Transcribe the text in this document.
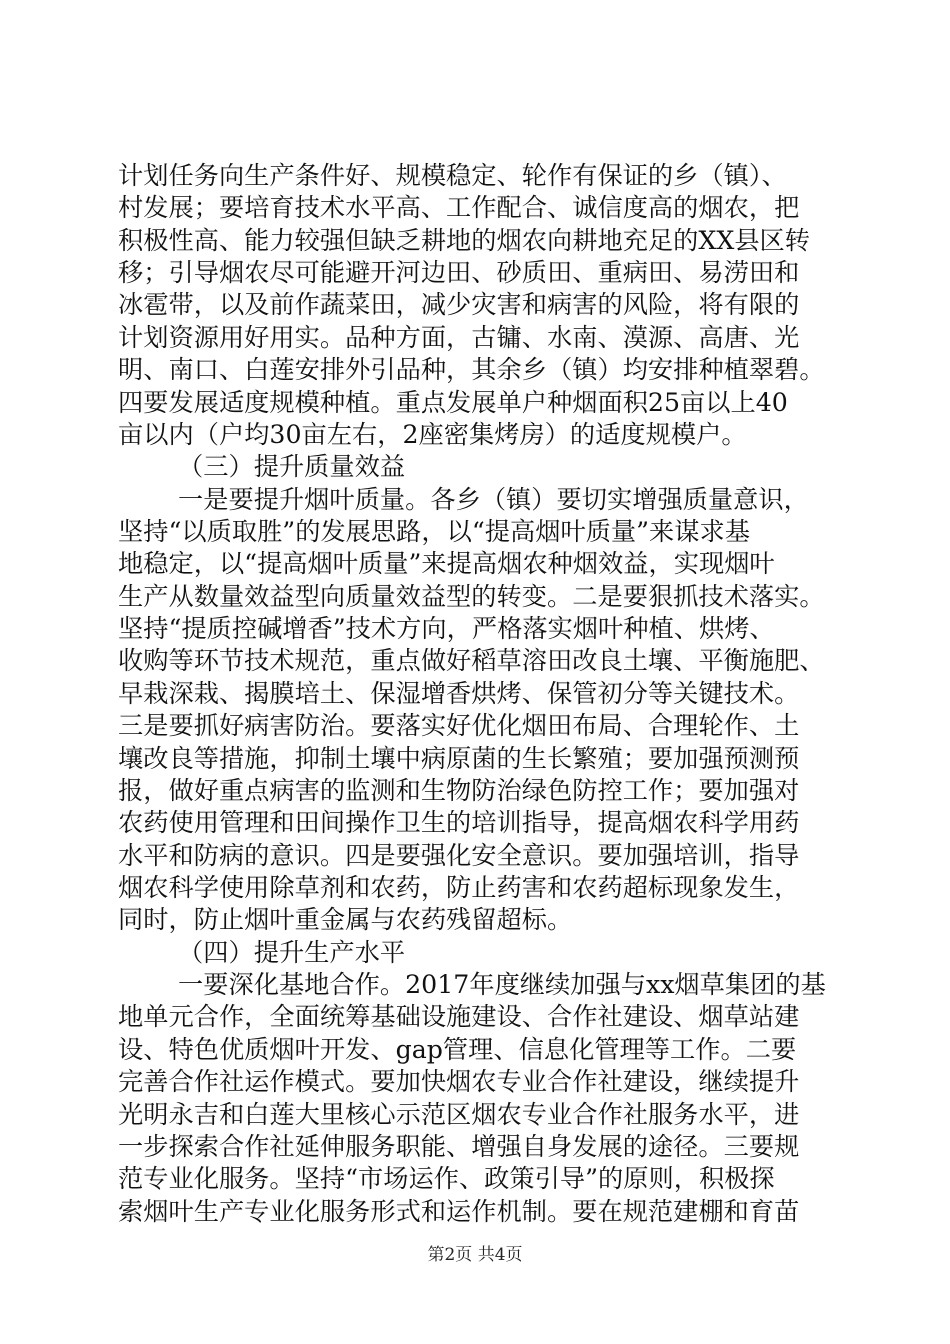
计划任务向生产条件好、规模稳定、轮作有保证的乡（镇）、
村发展；要培育技术水平高、工作配合、诚信度高的烟农，把
积极性高、能力较强但缺乏耕地的烟农向耕地充足的XX县区转
移；引导烟农尽可能避开河边田、砂质田、重病田、易涝田和
冰雹带，以及前作蔬菜田，减少灾害和病害的风险，将有限的
计划资源用好用实。品种方面，古镛、水南、漠源、高唐、光
明、南口、白莲安排外引品种，其余乡（镇）均安排种植翠碧。
四要发展适度规模种植。重点发展单户种烟面积25亩以上40
亩以内（户均30亩左右，2座密集烤房）的适度规模户。
（三）提升质量效益
一是要提升烟叶质量。各乡（镇）要切实增强质量意识，
坚持“以质取胜”的发展思路，以“提高烟叶质量”来谋求基
地稳定，以“提高烟叶质量”来提高烟农种烟效益，实现烟叶
生产从数量效益型向质量效益型的转变。二是要狠抓技术落实。
坚持“提质控碱增香”技术方向，严格落实烟叶种植、烘烤、
收购等环节技术规范，重点做好稻草溶田改良土壤、平衡施肥、
早栽深栽、揭膜培土、保湿增香烘烤、保管初分等关键技术。
三是要抓好病害防治。要落实好优化烟田布局、合理轮作、土
壤改良等措施，抑制土壤中病原菌的生长繁殖；要加强预测预
报，做好重点病害的监测和生物防治绿色防控工作；要加强对
农药使用管理和田间操作卫生的培训指导，提高烟农科学用药
水平和防病的意识。四是要强化安全意识。要加强培训，指导
烟农科学使用除草剂和农药，防止药害和农药超标现象发生，
同时，防止烟叶重金属与农药残留超标。
（四）提升生产水平
一要深化基地合作。2017年度继续加强与xx烟草集团的基
地单元合作，全面统筹基础设施建设、合作社建设、烟草站建
设、特色优质烟叶开发、gap管理、信息化管理等工作。二要
完善合作社运作模式。要加快烟农专业合作社建设，继续提升
第2页 共4页
光明永吉和白莲大里核心示范区烟农专业合作社服务水平，进
一步探索合作社延伸服务职能、增强自身发展的途径。三要规
范专业化服务。坚持“市场运作、政策引导”的原则，积极探
索烟叶生产专业化服务形式和运作机制。要在规范建棚和育苗
